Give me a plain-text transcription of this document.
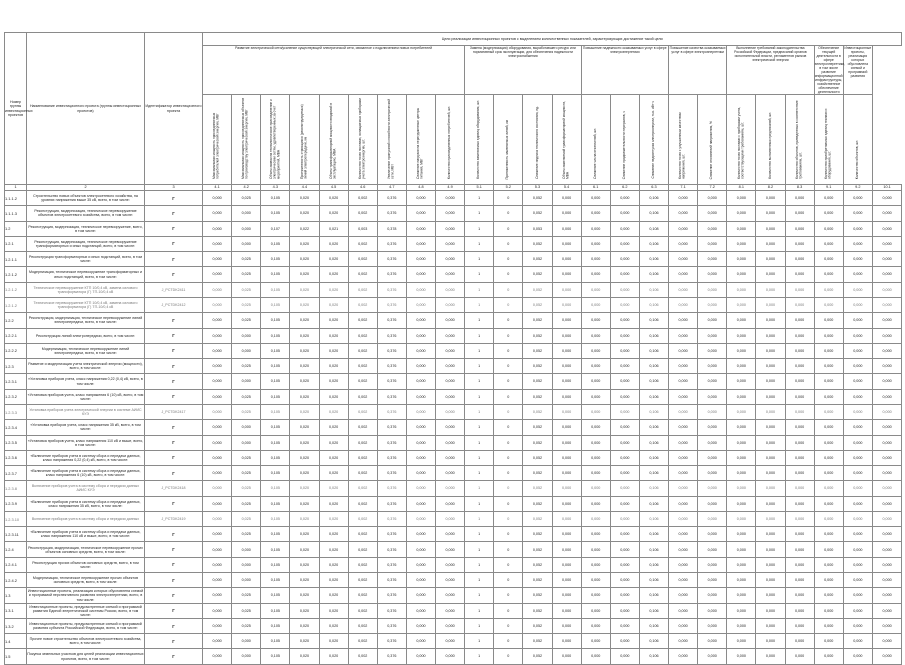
Номер группы инвестиционных проектов	Наименование инвестиционного проекта (группы инвестиционных проектов)	Идентификатор инвестиционного проекта	Цели реализации инвестиционных проектов с выделением количественных показателей, характеризующих достижение такой цели																							
			Развитие электрической сети/усиление существующей электрической сети, связанное с подключением новых потребителей									Замена (модернизация) оборудования, выработавшего ресурс или нормативный срок эксплуатации, для обеспечения надежности электроснабжения				Повышение надежности оказываемых услуг в сфере электроэнергетики			Повышение качества оказываемых услуг в сфере электроэнергетики		Выполнение требований законодательства Российской Федерации, предписаний органов исполнительной власти, регламентов рынков электрической энергии			Обеспечение текущей деятельности в сфере электроэнергетики, в том числе развитие информационной инфраструктуры, хозяйственное обеспечение деятельности	Инвестиционные проекты, реализация которых обусловлена схемой и программой развития	
			Максимальная мощность присоединяемых потребителей электрической энергии, МВт	Максимальная мощность присоединяемых объектов по производству электрической энергии, МВт	Объем заявок на технологическое присоединение к электрическим сетям, удовлетворенных за счет мероприятий, МВА	Протяженность строящихся (реконструируемых) линий электропередачи, км	Объем трансформаторной мощности вводимой в эксплуатацию, МВА	Количество точек поставки, оснащаемых приборами учета электроэнергии, шт.	Увеличение пропускной способности электрической сети, МВт	Снижение нагрузки на перегруженные центры питания, МВт	Количество присоединенных потребителей, шт.	Количество заменяемых единиц оборудования, шт.	Протяженность заменяемых линий, км	Снижение индекса технического состояния, ед.	Объем заменяемой трансформаторной мощности, МВА	Снижение числа отключений, шт.	Снижение продолжительности перерывов, ч	Снижение недоотпуска электроэнергии, тыс. кВт·ч	Количество точек с улучшенным качеством напряжения, шт.	Снижение отклонений напряжения, %	Количество точек поставки с приборами учета, соответствующими требованиям, шт.	Количество выполненных предписаний, шт.	Количество объектов, приведенных в соответствие требованиям, шт.	Количество приобретаемых единиц техники и оборудования, шт.	Количество объектов, шт.	
1	2	3	4.1	4.2	4.3	4.4	4.5	4.6	4.7	4.8	4.9	5.1	5.2	5.3	5.4	6.1	6.2	6.3	7.1	7.2	8.1	8.2	8.3	9.1	9.2	10.1
1.1.1.2	Строительство новых объектов электросетевого хозяйства, на уровнях напряжения выше 35 кВ, всего, в том числе:	Г	0,000	0,025	0,105	0,020	0,020	0,002	0,376	0,000	0,000	1	0	0,052	0,000	0,000	0,000	0,106	0,000	0,000	0,000	0,000	0,000	0,000	0,000	0,000
1.1.1.3	Реконструкция, модернизация, техническое перевооружение объектов электросетевого хозяйства, всего, в том числе:	Г	0,000	0,000	0,105	0,020	0,020	0,002	0,376	0,000	0,000	1	0	0,052	0,000	0,000	0,000	0,106	0,000	0,000	0,000	0,000	0,000	0,000	0,000	0,000
1.2	Реконструкция, модернизация, техническое перевооружение, всего, в том числе:	Г	0,000	0,000	0,107	0,022	0,021	0,003	0,378	0,000	0,000	1	0	0,053	0,000	0,000	0,000	0,108	0,000	0,000	0,000	0,000	0,000	0,000	0,000	0,000
1.2.1	Реконструкция, модернизация, техническое перевооружение трансформаторных и иных подстанций, всего, в том числе:	Г	0,000	0,000	0,105	0,020	0,020	0,002	0,376	0,000	0,000	1	0	0,052	0,000	0,000	0,000	0,106	0,000	0,000	0,000	0,000	0,000	0,000	0,000	0,000
1.2.1.1	Реконструкция трансформаторных и иных подстанций, всего, в том числе:	Г	0,000	0,025	0,105	0,020	0,020	0,002	0,376	0,000	0,000	1	0	0,052	0,000	0,000	0,000	0,106	0,000	0,000	0,000	0,000	0,000	0,000	0,000	0,000
1.2.1.2	Модернизация, техническое перевооружение трансформаторных и иных подстанций, всего, в том числе:	Г	0,000	0,025	0,105	0,020	0,020	0,002	0,376	0,000	0,000	1	0	0,052	0,000	0,000	0,000	0,106	0,000	0,000	0,000	0,000	0,000	0,000	0,000	0,000
1.2.1.2	Техническое перевооружение КТП 10/0,4 кВ, замена силового трансформатора (Г) ТП-10/0,4 кВ	J_PCTDK2411	0,000	0,025	0,105	0,020	0,020	0,002	0,376	0,000	0,000	1	0	0,052	0,000	0,000	0,000	0,106	0,000	0,000	0,000	0,000	0,000	0,000	0,000	0,000
1.2.1.2	Техническое перевооружение КТП 10/0,4 кВ, замена силового трансформатора (Г) ТП-10/0,4 кВ	J_PCTDK2412	0,000	0,025	0,105	0,020	0,020	0,002	0,376	0,000	0,000	1	0	0,052	0,000	0,000	0,000	0,106	0,000	0,000	0,000	0,000	0,000	0,000	0,000	0,000
1.2.2	Реконструкция, модернизация, техническое перевооружение линий электропередачи, всего, в том числе:	Г	0,000	0,025	0,105	0,020	0,020	0,002	0,376	0,000	0,000	1	0	0,052	0,000	0,000	0,000	0,106	0,000	0,000	0,000	0,000	0,000	0,000	0,000	0,000
1.2.2.1	Реконструкция линий электропередачи, всего, в том числе:	Г	0,000	0,000	0,105	0,020	0,020	0,002	0,376	0,000	0,000	1	0	0,052	0,000	0,000	0,000	0,106	0,000	0,000	0,000	0,000	0,000	0,000	0,000	0,000
1.2.2.2	Модернизация, техническое перевооружение линий электропередачи, всего, в том числе:	Г	0,000	0,000	0,105	0,020	0,020	0,002	0,376	0,000	0,000	1	0	0,052	0,000	0,000	0,000	0,106	0,000	0,000	0,000	0,000	0,000	0,000	0,000	0,000
1.2.3	Развитие и модернизация учета электрической энергии (мощности), всего, в том числе:	Г	0,000	0,025	0,105	0,020	0,020	0,002	0,376	0,000	0,000	1	0	0,052	0,000	0,000	0,000	0,106	0,000	0,000	0,000	0,000	0,000	0,000	0,000	0,000
1.2.3.1	«Установка приборов учета, класс напряжения 0,22 (0,4) кВ, всего, в том числе:	Г	0,000	0,000	0,105	0,020	0,020	0,002	0,376	0,000	0,000	1	0	0,052	0,000	0,000	0,000	0,106	0,000	0,000	0,000	0,000	0,000	0,000	0,000	0,000
1.2.3.2	«Установка приборов учета, класс напряжения 6 (10) кВ, всего, в том числе:	Г	0,000	0,025	0,105	0,020	0,020	0,002	0,376	0,000	0,000	1	0	0,052	0,000	0,000	0,000	0,106	0,000	0,000	0,000	0,000	0,000	0,000	0,000	0,000
1.2.3.3	Установка приборов учета электрической энергии в системе АИИС КУЭ	J_PCTDK2417	0,000	0,025	0,105	0,020	0,020	0,002	0,376	0,000	0,000	1	0	0,052	0,000	0,000	0,000	0,106	0,000	0,000	0,000	0,000	0,000	0,000	0,000	0,000
1.2.3.4	«Установка приборов учета, класс напряжения 35 кВ, всего, в том числе:	Г	0,000	0,000	0,105	0,020	0,020	0,002	0,376	0,000	0,000	1	0	0,052	0,000	0,000	0,000	0,106	0,000	0,000	0,000	0,000	0,000	0,000	0,000	0,000
1.2.3.5	«Установка приборов учета, класс напряжения 110 кВ и выше, всего, в том числе:	Г	0,000	0,000	0,105	0,020	0,020	0,002	0,376	0,000	0,000	1	0	0,052	0,000	0,000	0,000	0,106	0,000	0,000	0,000	0,000	0,000	0,000	0,000	0,000
1.2.3.6	«Включение приборов учета в систему сбора и передачи данных, класс напряжения 0,22 (0,4) кВ, всего, в том числе:	Г	0,000	0,025	0,105	0,020	0,020	0,002	0,376	0,000	0,000	1	0	0,052	0,000	0,000	0,000	0,106	0,000	0,000	0,000	0,000	0,000	0,000	0,000	0,000
1.2.3.7	«Включение приборов учета в систему сбора и передачи данных, класс напряжения 6 (10) кВ, всего, в том числе:	Г	0,000	0,025	0,105	0,020	0,020	0,002	0,376	0,000	0,000	1	0	0,052	0,000	0,000	0,000	0,106	0,000	0,000	0,000	0,000	0,000	0,000	0,000	0,000
1.2.3.8	Включение приборов учета в систему сбора и передачи данных АИИС КУЭ	J_PCTDK2418	0,000	0,025	0,105	0,020	0,020	0,002	0,376	0,000	0,000	1	0	0,052	0,000	0,000	0,000	0,106	0,000	0,000	0,000	0,000	0,000	0,000	0,000	0,000
1.2.3.9	«Включение приборов учета в систему сбора и передачи данных, класс напряжения 35 кВ, всего, в том числе:	Г	0,000	0,025	0,105	0,020	0,020	0,002	0,376	0,000	0,000	1	0	0,052	0,000	0,000	0,000	0,106	0,000	0,000	0,000	0,000	0,000	0,000	0,000	0,000
1.2.3.10	Включение приборов учета в систему сбора и передачи данных	J_PCTDK2419	0,000	0,025	0,105	0,020	0,020	0,002	0,376	0,000	0,000	1	0	0,052	0,000	0,000	0,000	0,106	0,000	0,000	0,000	0,000	0,000	0,000	0,000	0,000
1.2.3.11	«Включение приборов учета в систему сбора и передачи данных, класс напряжения 110 кВ и выше, всего, в том числе:	Г	0,000	0,025	0,105	0,020	0,020	0,002	0,376	0,000	0,000	1	0	0,052	0,000	0,000	0,000	0,106	0,000	0,000	0,000	0,000	0,000	0,000	0,000	0,000
1.2.4	Реконструкция, модернизация, техническое перевооружение прочих объектов основных средств, всего, в том числе:	Г	0,000	0,000	0,105	0,020	0,020	0,002	0,376	0,000	0,000	1	0	0,052	0,000	0,000	0,000	0,106	0,000	0,000	0,000	0,000	0,000	0,000	0,000	0,000
1.2.4.1	Реконструкция прочих объектов основных средств, всего, в том числе:	Г	0,000	0,000	0,105	0,020	0,020	0,002	0,376	0,000	0,000	1	0	0,052	0,000	0,000	0,000	0,106	0,000	0,000	0,000	0,000	0,000	0,000	0,000	0,000
1.2.4.2	Модернизация, техническое перевооружение прочих объектов основных средств, всего, в том числе:	Г	0,000	0,000	0,105	0,020	0,020	0,002	0,376	0,000	0,000	1	0	0,052	0,000	0,000	0,000	0,106	0,000	0,000	0,000	0,000	0,000	0,000	0,000	0,000
1.3	Инвестиционные проекты, реализация которых обусловлена схемой и программой перспективного развития электроэнергетики, всего, в том числе:	Г	0,000	0,025	0,105	0,020	0,020	0,002	0,376	0,000	0,000	1	0	0,052	0,000	0,000	0,000	0,106	0,000	0,000	0,000	0,000	0,000	0,000	0,000	0,000
1.3.1	Инвестиционные проекты, предусмотренные схемой и программой развития Единой энергетической системы России, всего, в том числе:	Г	0,000	0,025	0,105	0,020	0,020	0,002	0,376	0,000	0,000	1	0	0,052	0,000	0,000	0,000	0,106	0,000	0,000	0,000	0,000	0,000	0,000	0,000	0,000
1.3.2	Инвестиционные проекты, предусмотренные схемой и программой развития субъекта Российской Федерации, всего, в том числе:	Г	0,000	0,025	0,105	0,020	0,020	0,002	0,376	0,000	0,000	1	0	0,052	0,000	0,000	0,000	0,106	0,000	0,000	0,000	0,000	0,000	0,000	0,000	0,000
1.4	Прочее новое строительство объектов электросетевого хозяйства, всего, в том числе:	Г	0,000	0,000	0,105	0,020	0,020	0,002	0,376	0,000	0,000	1	0	0,052	0,000	0,000	0,000	0,106	0,000	0,000	0,000	0,000	0,000	0,000	0,000	0,000
1.5	Покупка земельных участков для целей реализации инвестиционных проектов, всего, в том числе:	Г	0,000	0,000	0,105	0,020	0,020	0,002	0,376	0,000	0,000	1	0	0,052	0,000	0,000	0,000	0,106	0,000	0,000	0,000	0,000	0,000	0,000	0,000	0,000
